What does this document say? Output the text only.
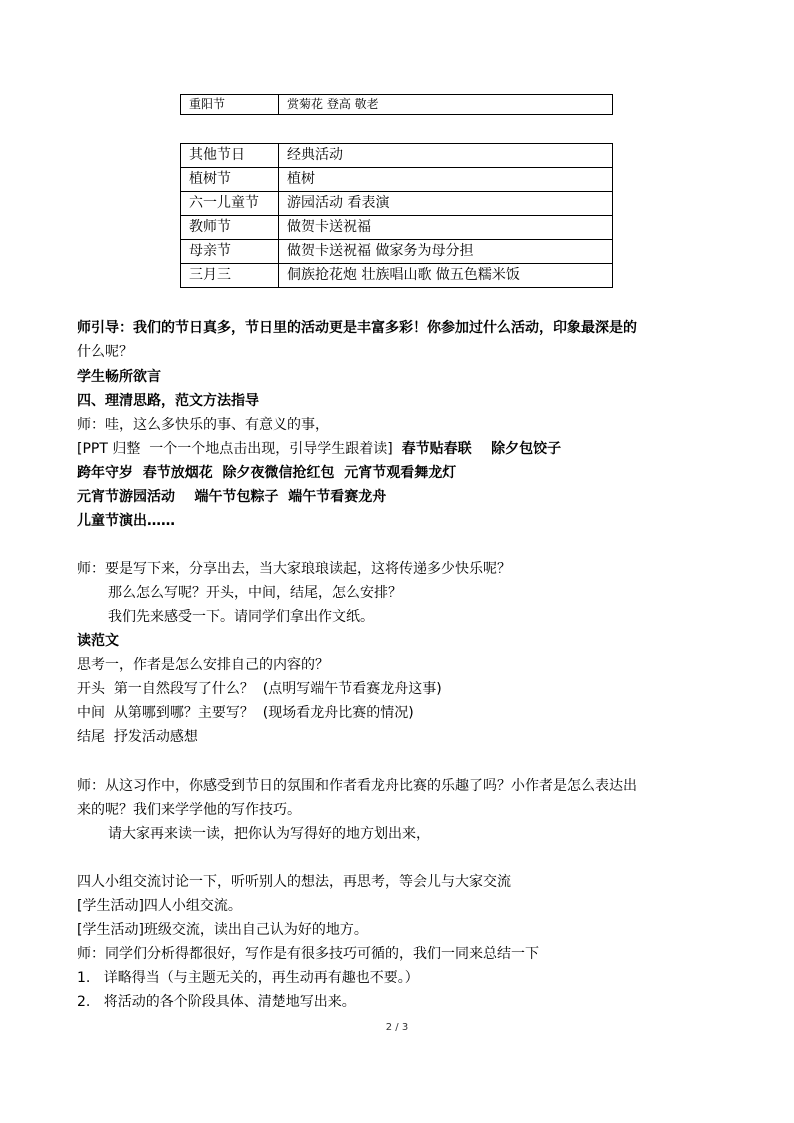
重阳节	赏菊花 登高 敬老
其他节日	经典活动
植树节	植树
六一儿童节	游园活动 看表演
教师节	做贺卡送祝福
母亲节	做贺卡送祝福 做家务为母分担
三月三	侗族抢花炮 壮族唱山歌 做五色糯米饭
师引导：我们的节日真多，节日里的活动更是丰富多彩！你参加过什么活动，印象最深是的
什么呢？
学生畅所欲言
四、理清思路，范文方法指导
师：哇，这么多快乐的事、有意义的事，
[PPT 归整  一个一个地点击出现，引导学生跟着读]  春节贴春联    除夕包饺子
跨年守岁  春节放烟花  除夕夜微信抢红包  元宵节观看舞龙灯
元宵节游园活动    端午节包粽子  端午节看赛龙舟
儿童节演出……
师：要是写下来，分享出去，当大家琅琅读起，这将传递多少快乐呢？
那么怎么写呢？开头，中间，结尾，怎么安排？
我们先来感受一下。请同学们拿出作文纸。
读范文
思考一，作者是怎么安排自己的内容的？
开头  第一自然段写了什么？  (点明写端午节看赛龙舟这事)
中间  从第哪到哪？主要写？  (现场看龙舟比赛的情况)
结尾  抒发活动感想
师：从这习作中，你感受到节日的氛围和作者看龙舟比赛的乐趣了吗？小作者是怎么表达出
来的呢？我们来学学他的写作技巧。
请大家再来读一读，把你认为写得好的地方划出来，
四人小组交流讨论一下，听听别人的想法，再思考，等会儿与大家交流
[学生活动]四人小组交流。
[学生活动]班级交流，读出自己认为好的地方。
师：同学们分析得都很好，写作是有很多技巧可循的，我们一同来总结一下
1.   详略得当（与主题无关的，再生动再有趣也不要。）
2.   将活动的各个阶段具体、清楚地写出来。
2 / 3
